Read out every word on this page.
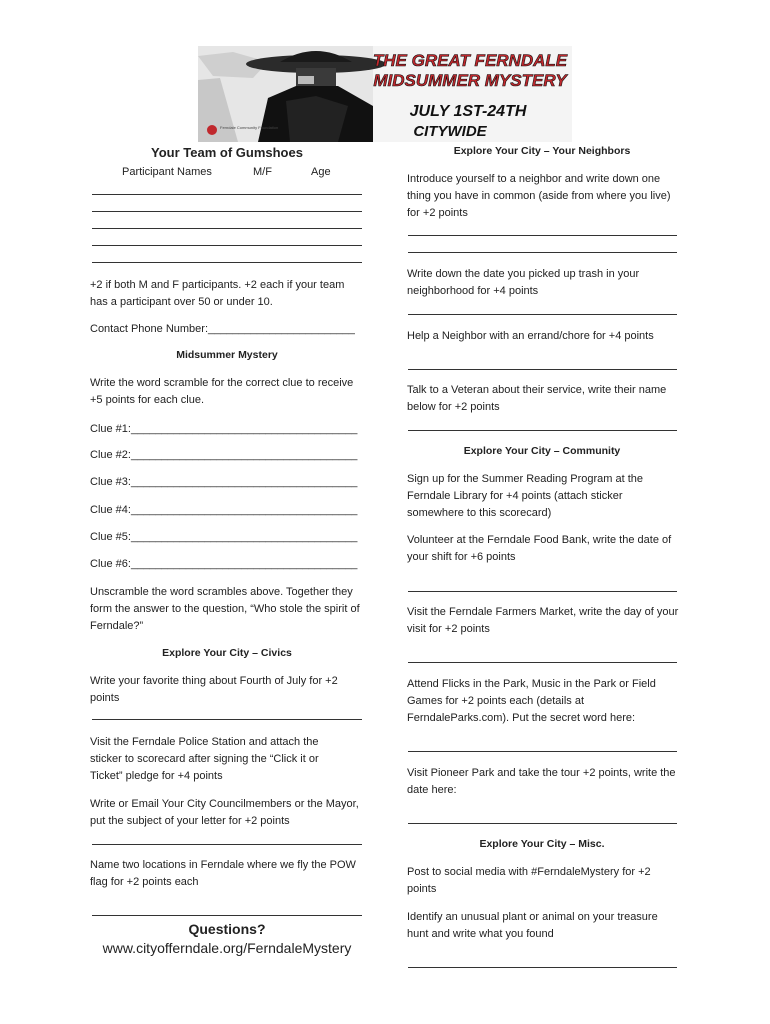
Ferndale Community Foundation
THE GREAT FERNDALE
MIDSUMMER MYSTERY
JULY 1ST-24TH
CITYWIDE
Your Team of Gumshoes
Participant Names	M/F	Age
+2 if both M and F participants. +2 each if your team has a participant over 50 or under 10.
Contact Phone Number:________________________
Midsummer Mystery
Write the word scramble for the correct clue to receive +5 points for each clue.
Clue #1:_____________________________________
Clue #2:_____________________________________
Clue #3:_____________________________________
Clue #4:_____________________________________
Clue #5:_____________________________________
Clue #6:_____________________________________
Unscramble the word scrambles above. Together they form the answer to the question, “Who stole the spirit of Ferndale?”
Explore Your City – Civics
Write your favorite thing about Fourth of July for +2 points
Visit the Ferndale Police Station and attach the sticker to scorecard after signing the “Click it or Ticket” pledge for +4 points
Write or Email Your City Councilmembers or the Mayor, put the subject of your letter for +2 points
Name two locations in Ferndale where we fly the POW flag for +2 points each
Questions?
www.cityofferndale.org/FerndaleMystery
Explore Your City – Your Neighbors
Introduce yourself to a neighbor and write down one thing you have in common (aside from where you live) for +2 points
Write down the date you picked up trash in your neighborhood for +4 points
Help a Neighbor with an errand/chore for +4 points
Talk to a Veteran about their service, write their name below for +2 points
Explore Your City – Community
Sign up for the Summer Reading Program at the Ferndale Library for +4 points (attach sticker somewhere to this scorecard)
Volunteer at the Ferndale Food Bank, write the date of your shift for +6 points
Visit the Ferndale Farmers Market, write the day of your visit for +2 points
Attend Flicks in the Park, Music in the Park or Field Games for +2 points each (details at FerndaleParks.com). Put the secret word here:
Visit Pioneer Park and take the tour +2 points, write the date here:
Explore Your City – Misc.
Post to social media with #FerndaleMystery for +2 points
Identify an unusual plant or animal on your treasure hunt and write what you found
